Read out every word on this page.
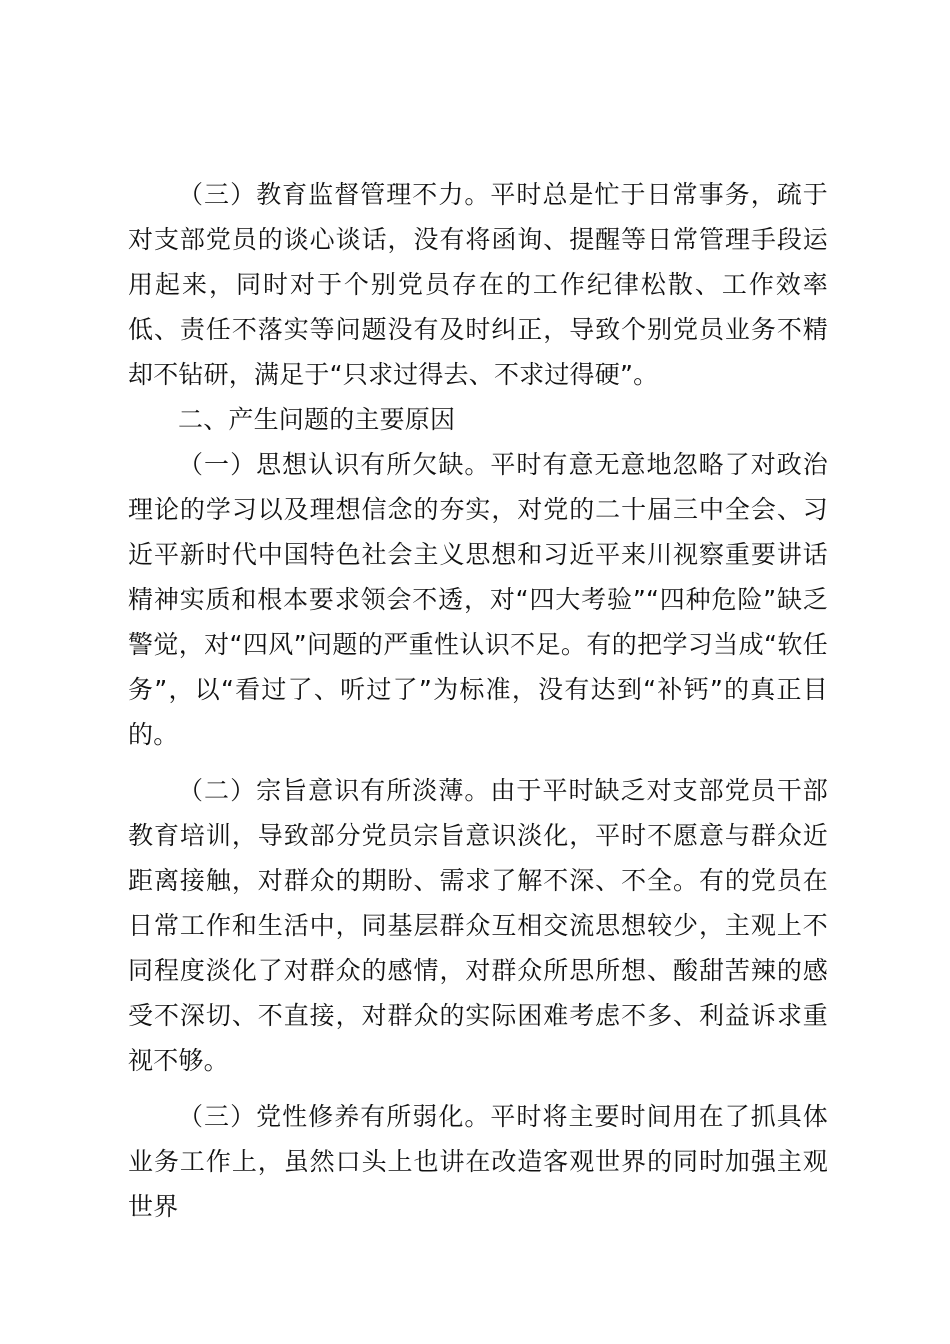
（三）教育监督管理不力。平时总是忙于日常事务，疏于对支部党员的谈心谈话，没有将函询、提醒等日常管理手段运用起来，同时对于个别党员存在的工作纪律松散、工作效率低、责任不落实等问题没有及时纠正，导致个别党员业务不精却不钻研，满足于“只求过得去、不求过得硬”。

二、产生问题的主要原因

（一）思想认识有所欠缺。平时有意无意地忽略了对政治理论的学习以及理想信念的夯实，对党的二十届三中全会、习近平新时代中国特色社会主义思想和习近平来川视察重要讲话精神实质和根本要求领会不透，对“四大考验”“四种危险”缺乏警觉，对“四风”问题的严重性认识不足。有的把学习当成“软任务”，以“看过了、听过了”为标准，没有达到“补钙”的真正目的。

（二）宗旨意识有所淡薄。由于平时缺乏对支部党员干部教育培训，导致部分党员宗旨意识淡化，平时不愿意与群众近距离接触，对群众的期盼、需求了解不深、不全。有的党员在日常工作和生活中，同基层群众互相交流思想较少，主观上不同程度淡化了对群众的感情，对群众所思所想、酸甜苦辣的感受不深切、不直接，对群众的实际困难考虑不多、利益诉求重视不够。

（三）党性修养有所弱化。平时将主要时间用在了抓具体业务工作上，虽然口头上也讲在改造客观世界的同时加强主观世界
